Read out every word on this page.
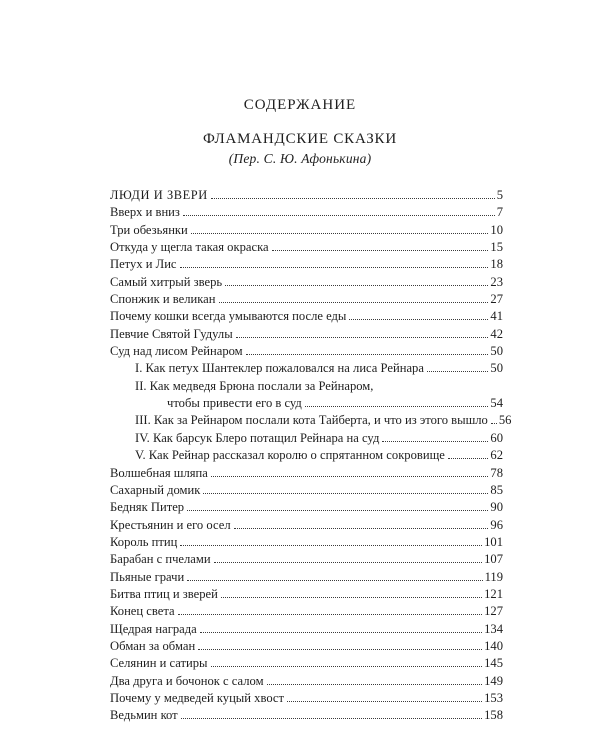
СОДЕРЖАНИЕ
ФЛАМАНДСКИЕ СКАЗКИ
(Пер. С. Ю. Афонькина)
ЛЮДИ И ЗВЕРИ	5
Вверх и вниз	7
Три обезьянки	10
Откуда у щегла такая окраска	15
Петух и Лис	18
Самый хитрый зверь	23
Спонжик и великан	27
Почему кошки всегда умываются после еды	41
Певчие Святой Гудулы	42
Суд над лисом Рейнаром	50
I. Как петух Шантеклер пожаловался на лиса Рейнара	50
II. Как медведя Брюна послали за Рейнаром,
чтобы привести его в суд	54
III. Как за Рейнаром послали кота Тайберта, и что из этого вышло 56
IV. Как барсук Блеро потащил Рейнара на суд	60
V. Как Рейнар рассказал королю о спрятанном сокровище	62
Волшебная шляпа	78
Сахарный домик	85
Бедняк Питер	90
Крестьянин и его осел	96
Король птиц	101
Барабан с пчелами	107
Пьяные грачи	119
Битва птиц и зверей	121
Конец света	127
Щедрая награда	134
Обман за обман	140
Селянин и сатиры	145
Два друга и бочонок с салом	149
Почему у медведей куцый хвост	153
Ведьмин кот	158
